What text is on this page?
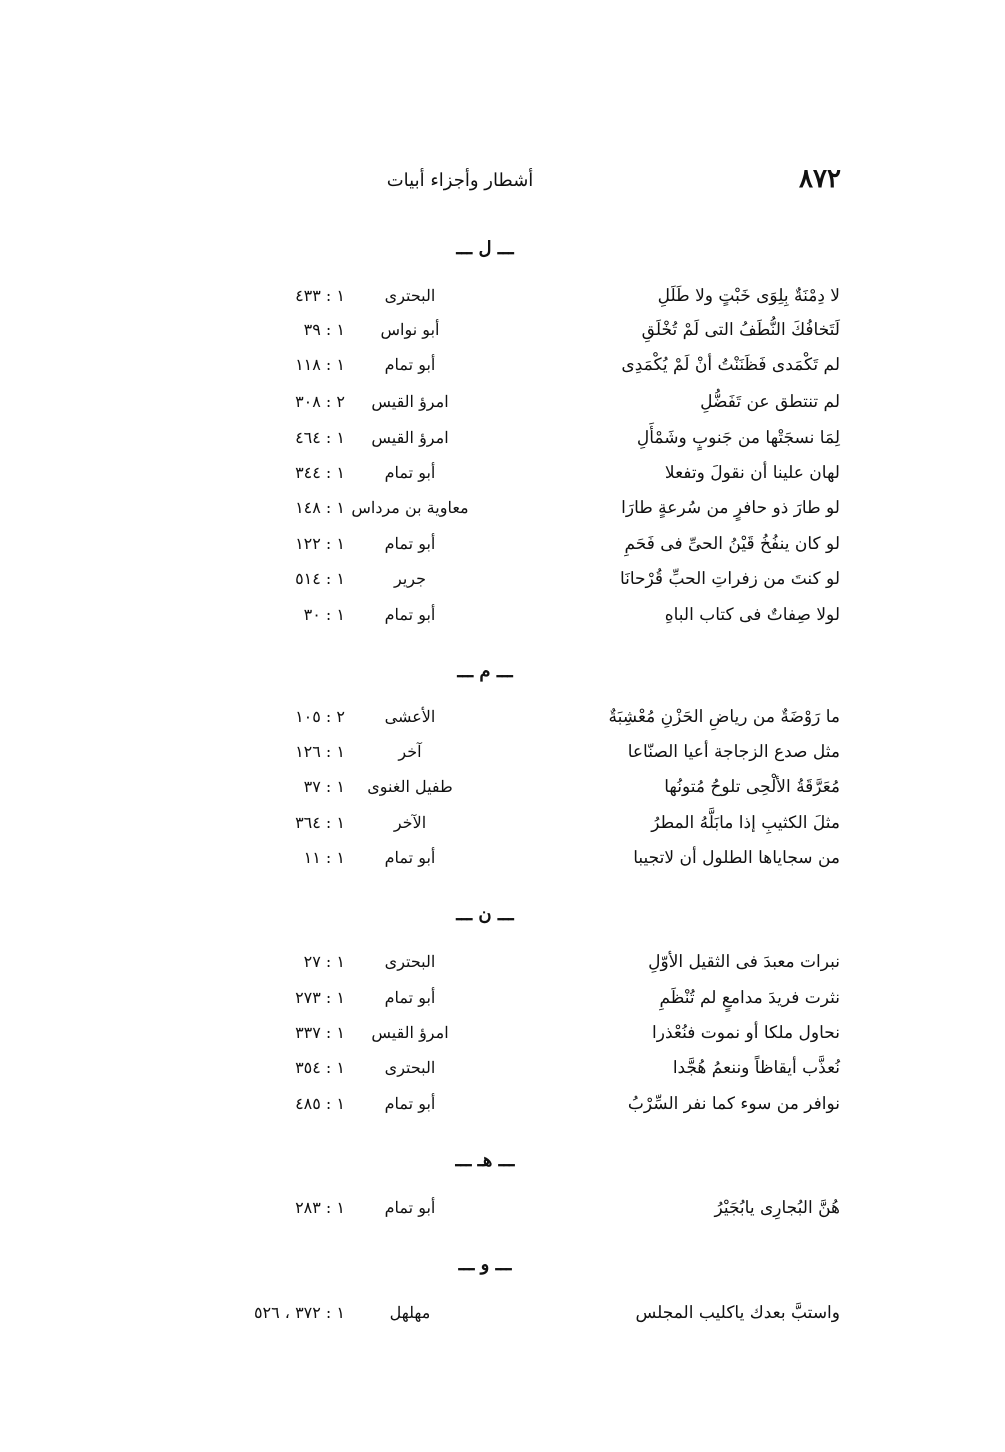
٨٧٢
أشطار وأجزاء أبيات
ـــ ل ـــ
لا دِمْنَةٌ بِلِوَى خَبْتٍ ولا طَلَلِ
البحترى
١ : ٤٣٣
لَتَخافُكَ النُّطَفُ التى لَمْ تُخْلَقِ
أبو نواس
١ : ٣٩
لم تَكْمَدى فَظَنَنْتُ أنْ لَمْ يُكْمَدِى
أبو تمام
١ : ١١٨
لم تنتطق عن تَفَضُّلِ
امرؤ القيس
٢ : ٣٠٨
لِمَا نسجَتْها من جَنوبٍ وشَمْأَلِ
امرؤ القيس
١ : ٤٦٤
لهان علينا أن نقولَ وتفعلا
أبو تمام
١ : ٣٤٤
لو طارَ ذو حافرٍ من سُرعةٍ طارَا
معاوية بن مرداس
١ : ١٤٨
لو كان ينفُخُ قَيْنُ الحىِّ فى فَحَمِ
أبو تمام
١ : ١٢٢
لو كنتَ من زفراتِ الحبِّ قُرْحانَا
جرير
١ : ٥١٤
لولا صِفاتٌ فى كتاب الباهِ
أبو تمام
١ : ٣٠
ـــ م ـــ
ما رَوْضَةٌ من رياضِ الحَزْنِ مُعْشِبَةٌ
الأعشى
٢ : ١٠٥
مثل صدع الزجاجة أعيا الصنّاعا
آخر
١ : ١٢٦
مُعَرَّقَةُ الألْحِى تلوحُ مُتونُها
طفيل الغنوى
١ : ٣٧
مثلَ الكثيبِ إذا مابَلَّهُ المطرُ
الآخر
١ : ٣٦٤
من سجاياها الطلول أن لاتجيبا
أبو تمام
١ : ١١
ـــ ن ـــ
نبرات معبدَ فى الثقيل الأوّلِ
البحترى
١ : ٢٧
نثرت فريدَ مدامعٍ لم تُنْظَمِ
أبو تمام
١ : ٢٧٣
نحاول ملكا أو نموت فنُعْذرا
امرؤ القيس
١ : ٣٣٧
نُعذَّب أيقاظاً وننعمُ هُجَّدا
البحترى
١ : ٣٥٤
نوافر من سوء كما نفر السِّرْبُ
أبو تمام
١ : ٤٨٥
ـــ هـ ـــ
هُنَّ البُجارِى يابُجَيْرُ
أبو تمام
١ : ٢٨٣
ـــ و ـــ
واستبَّ بعدك ياكليب المجلس
مهلهل
١ : ٣٧٢ ، ٥٢٦
